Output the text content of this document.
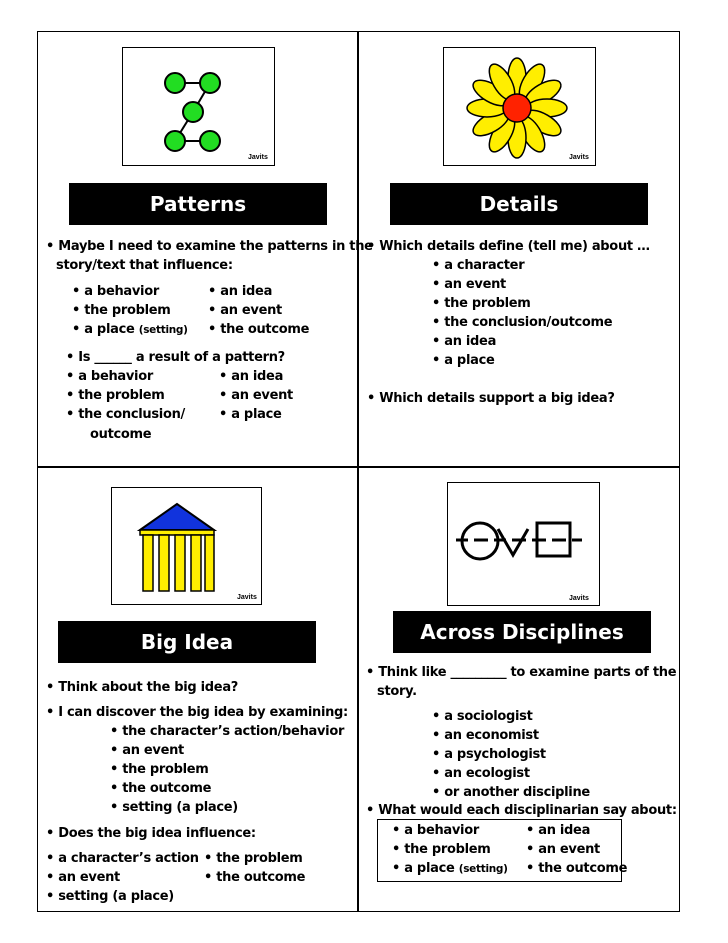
Javits
Patterns
• Maybe I need to examine the patterns in the
story/text that influence:
• a behavior
• the problem
• a place (setting)
• an idea
• an event
• the outcome
• Is ______ a result of a pattern?
• a behavior
• the problem
• the conclusion/
outcome
• an idea
• an event
• a place
Javits
Details
• Which details define (tell me) about …
• a character
• an event
• the problem
• the conclusion/outcome
• an idea
• a place
• Which details support a big idea?
Javits
Big Idea
• Think about the big idea?
• I can discover the big idea by examining:
• the character’s action/behavior
• an event
• the problem
• the outcome
• setting (a place)
• Does the big idea influence:
• a character’s action
• an event
• setting (a place)
• the problem
• the outcome
Javits
Across Disciplines
• Think like _________ to examine parts of the
story.
• a sociologist
• an economist
• a psychologist
• an ecologist
• or another discipline
• What would each disciplinarian say about:
• a behavior
• the problem
• a place (setting)
• an idea
• an event
• the outcome
